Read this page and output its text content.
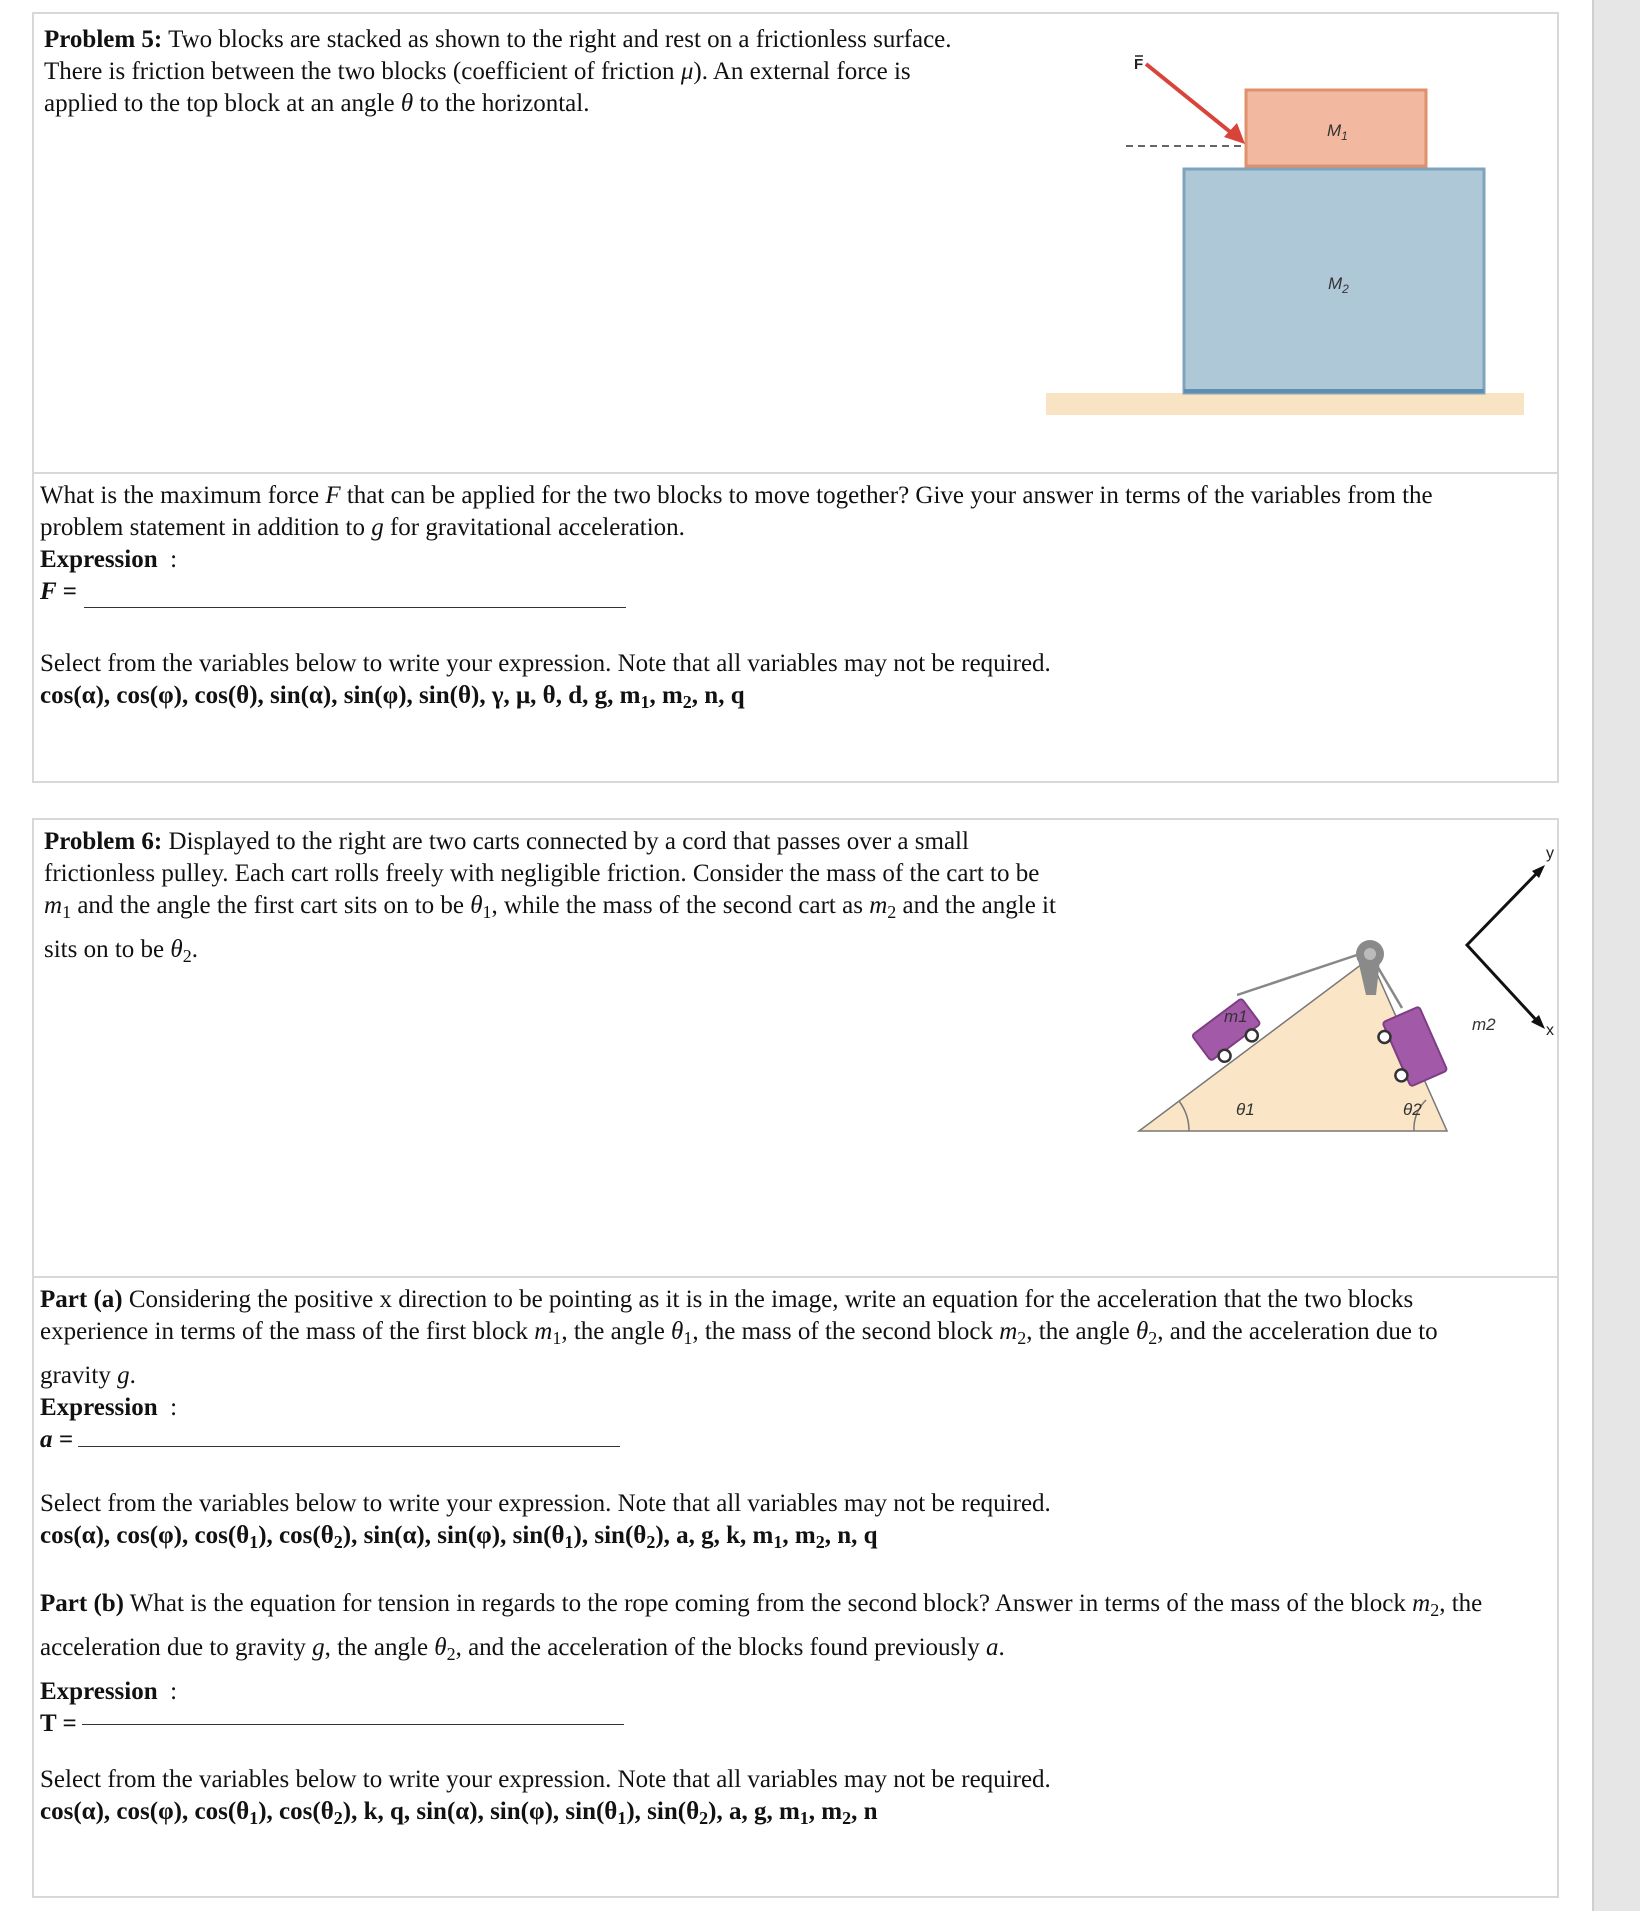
Problem 5: Two blocks are stacked as shown to the right and rest on a frictionless surface.
There is friction between the two blocks (coefficient of friction μ). An external force is
applied to the top block at an angle θ to the horizontal.
F
$M_1$
$M_2$
What is the maximum force F that can be applied for the two blocks to move together? Give your answer in terms of the variables from the
problem statement in addition to g for gravitational acceleration.
Expression :
F =
Select from the variables below to write your expression. Note that all variables may not be required.
cos(α), cos(φ), cos(θ), sin(α), sin(φ), sin(θ), γ, μ, θ, d, g, $m_1$, $m_2$, n, q
Problem 6: Displayed to the right are two carts connected by a cord that passes over a small
frictionless pulley. Each cart rolls freely with negligible friction. Consider the mass of the cart to be
$m_1$ and the angle the first cart sits on to be $\theta_1$, while the mass of the second cart as $m_2$ and the angle it
sits on to be $\theta_2$.
m1	m2
θ1	θ2
y
x
Part (a) Considering the positive x direction to be pointing as it is in the image, write an equation for the acceleration that the two blocks
experience in terms of the mass of the first block $m_1$, the angle $\theta_1$, the mass of the second block $m_2$, the angle $\theta_2$, and the acceleration due to
gravity g.
Expression :
a =
Select from the variables below to write your expression. Note that all variables may not be required.
cos(α), cos(φ), $\cos(\theta_1)$, $\cos(\theta_2)$, sin(α), sin(φ), $\sin(\theta_1)$, $\sin(\theta_2)$, a, g, k, $m_1$, $m_2$, n, q
Part (b) What is the equation for tension in regards to the rope coming from the second block? Answer in terms of the mass of the block $m_2$, the
acceleration due to gravity g, the angle $\theta_2$, and the acceleration of the blocks found previously a.
Expression :
T =
Select from the variables below to write your expression. Note that all variables may not be required.
cos(α), cos(φ), $\cos(\theta_1)$, $\cos(\theta_2)$, k, q, sin(α), sin(φ), $\sin(\theta_1)$, $\sin(\theta_2)$, a, g, $m_1$, $m_2$, n
